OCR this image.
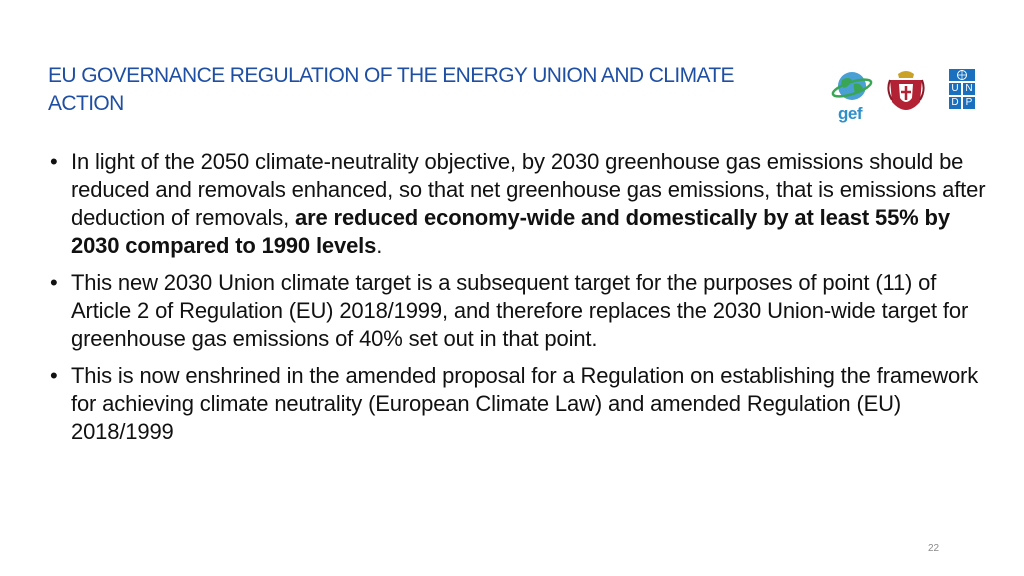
EU GOVERNANCE REGULATION OF THE ENERGY UNION AND CLIMATE ACTION	gef
U N
D P
• In light of the 2050 climate-neutrality objective, by 2030 greenhouse gas emissions should be reduced and removals enhanced, so that net greenhouse gas emissions, that is emissions after deduction of removals, are reduced economy-wide and domestically by at least 55% by 2030 compared to 1990 levels.
• This new 2030 Union climate target is a subsequent target for the purposes of point (11) of Article 2 of Regulation (EU) 2018/1999, and therefore replaces the 2030 Union-wide target for greenhouse gas emissions of 40% set out in that point.
• This is now enshrined in the amended proposal for a Regulation on establishing the framework for achieving climate neutrality (European Climate Law) and amended Regulation (EU) 2018/1999
22
